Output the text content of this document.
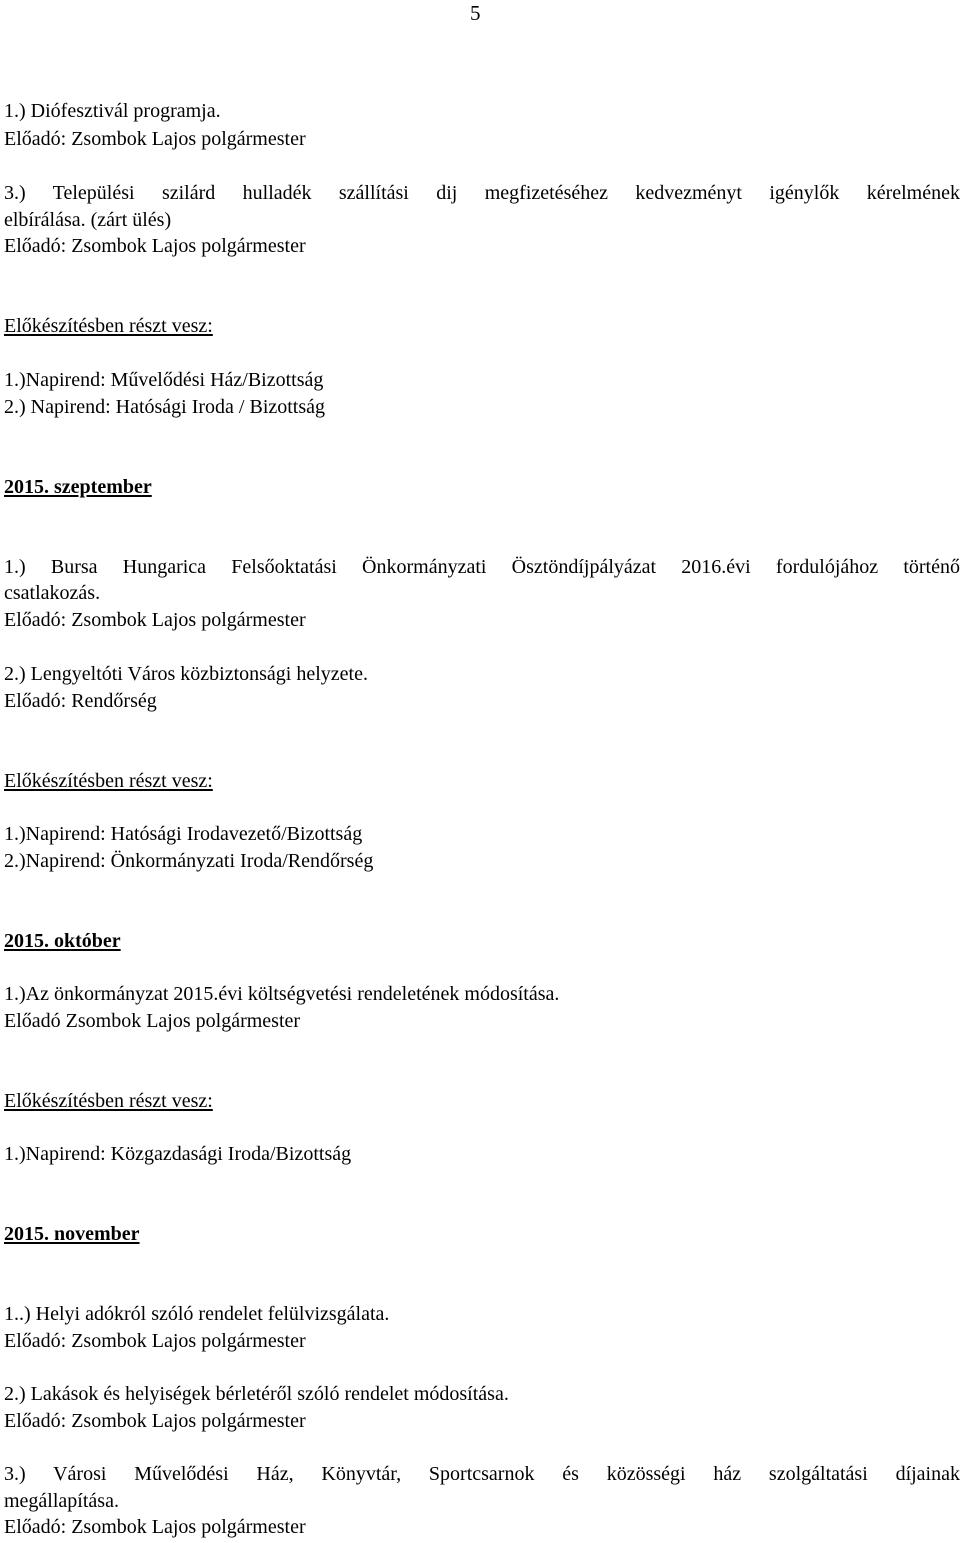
5
1.) Diófesztivál programja.
Előadó: Zsombok Lajos polgármester
3.) Települési szilárd hulladék szállítási dij megfizetéséhez kedvezményt igénylők kérelmének
elbírálása. (zárt ülés)
Előadó: Zsombok Lajos polgármester
Előkészítésben részt vesz:
1.)Napirend: Művelődési Ház/Bizottság
2.) Napirend: Hatósági Iroda / Bizottság
2015. szeptember
1.) Bursa Hungarica Felsőoktatási Önkormányzati Ösztöndíjpályázat 2016.évi fordulójához történő
csatlakozás.
Előadó: Zsombok Lajos polgármester
2.) Lengyeltóti Város közbiztonsági helyzete.
Előadó: Rendőrség
Előkészítésben részt vesz:
1.)Napirend: Hatósági Irodavezető/Bizottság
2.)Napirend: Önkormányzati Iroda/Rendőrség
2015. október
1.)Az önkormányzat 2015.évi költségvetési rendeletének módosítása.
Előadó Zsombok Lajos polgármester
Előkészítésben részt vesz:
1.)Napirend: Közgazdasági Iroda/Bizottság
2015. november
1..) Helyi adókról szóló rendelet felülvizsgálata.
Előadó: Zsombok Lajos polgármester
2.) Lakások és helyiségek bérletéről szóló rendelet módosítása.
Előadó: Zsombok Lajos polgármester
3.) Városi Művelődési Ház, Könyvtár, Sportcsarnok és közösségi ház szolgáltatási díjainak
megállapítása.
Előadó: Zsombok Lajos polgármester
